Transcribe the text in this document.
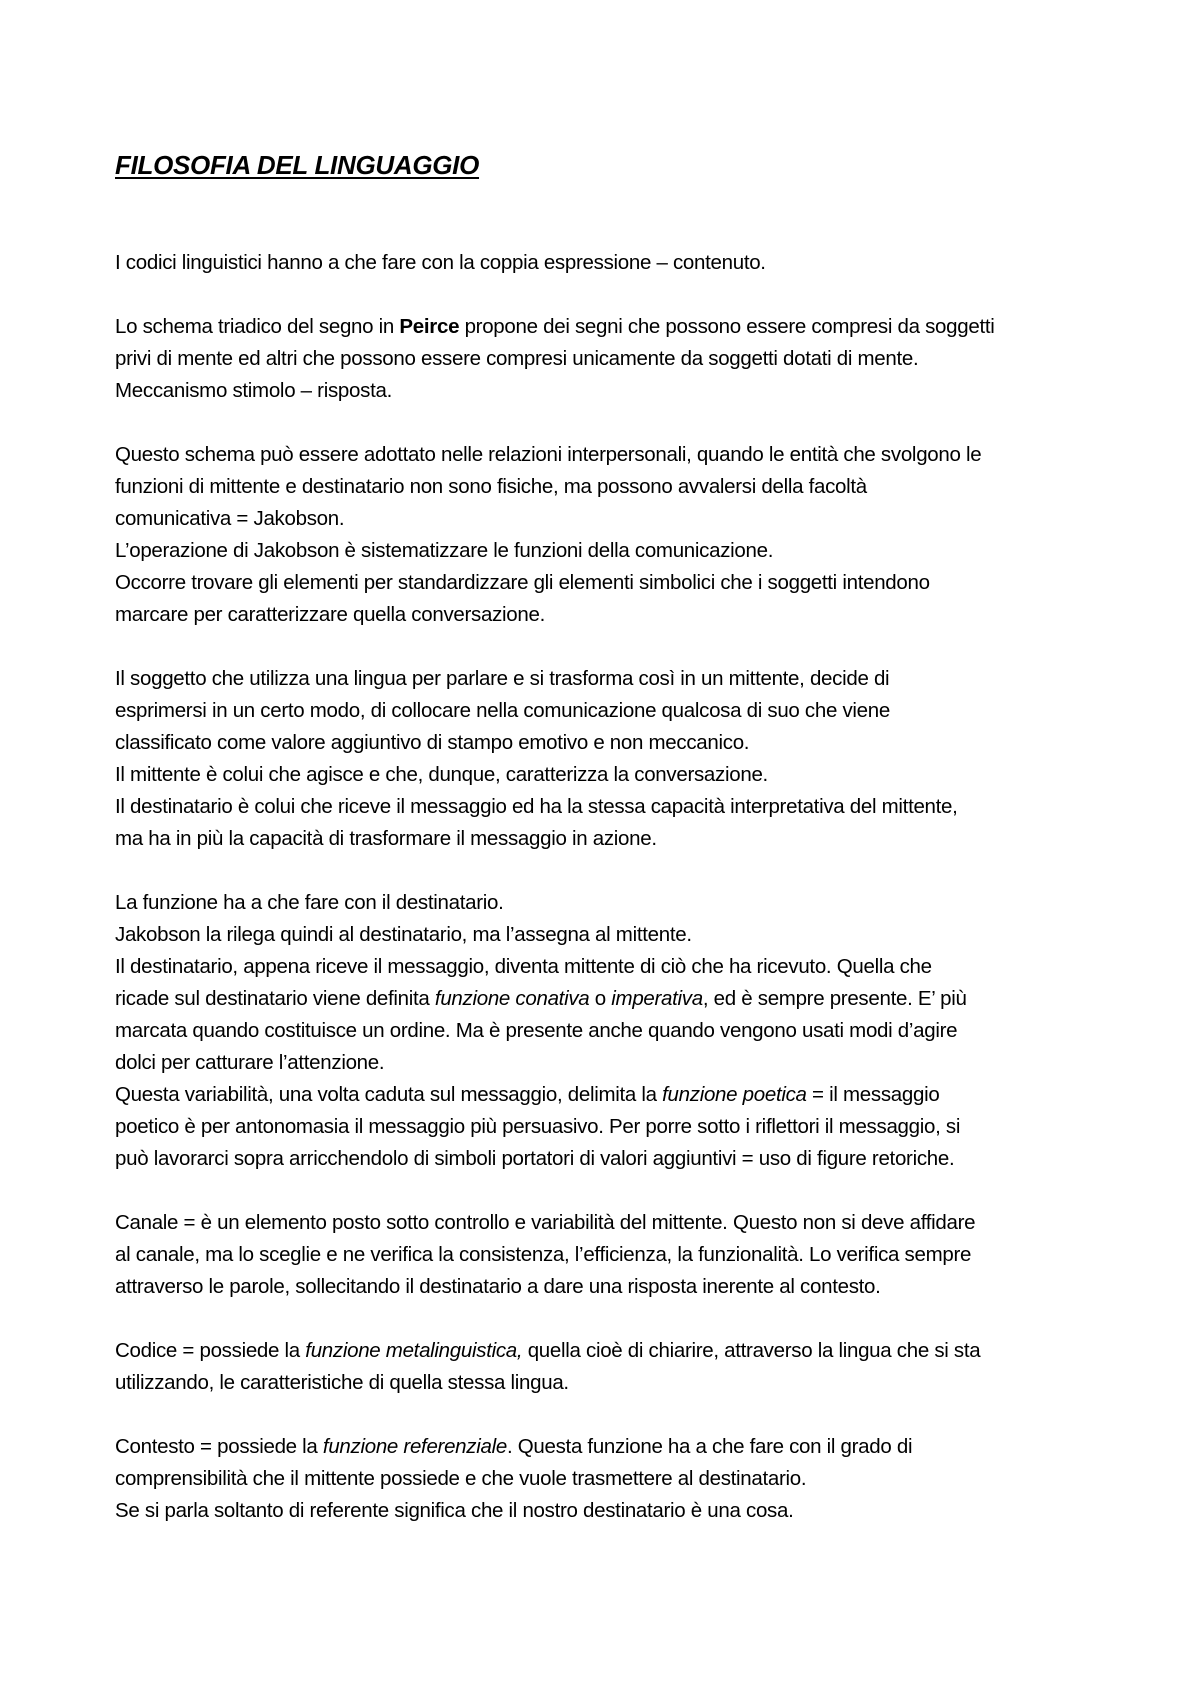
FILOSOFIA DEL LINGUAGGIO

I codici linguistici hanno a che fare con la coppia espressione – contenuto.

Lo schema triadico del segno in Peirce propone dei segni che possono essere compresi da soggetti
privi di mente ed altri che possono essere compresi unicamente da soggetti dotati di mente.
Meccanismo stimolo – risposta.

Questo schema può essere adottato nelle relazioni interpersonali, quando le entità che svolgono le
funzioni di mittente e destinatario non sono fisiche, ma possono avvalersi della facoltà
comunicativa = Jakobson.
L’operazione di Jakobson è sistematizzare le funzioni della comunicazione.
Occorre trovare gli elementi per standardizzare gli elementi simbolici che i soggetti intendono
marcare per caratterizzare quella conversazione.

Il soggetto che utilizza una lingua per parlare e si trasforma così in un mittente, decide di
esprimersi in un certo modo, di collocare nella comunicazione qualcosa di suo che viene
classificato come valore aggiuntivo di stampo emotivo e non meccanico.
Il mittente è colui che agisce e che, dunque, caratterizza la conversazione.
Il destinatario è colui che riceve il messaggio ed ha la stessa capacità interpretativa del mittente,
ma ha in più la capacità di trasformare il messaggio in azione.

La funzione ha a che fare con il destinatario.
Jakobson la rilega quindi al destinatario, ma l’assegna al mittente.
Il destinatario, appena riceve il messaggio, diventa mittente di ciò che ha ricevuto. Quella che
ricade sul destinatario viene definita funzione conativa o imperativa, ed è sempre presente. E’ più
marcata quando costituisce un ordine. Ma è presente anche quando vengono usati modi d’agire
dolci per catturare l’attenzione.
Questa variabilità, una volta caduta sul messaggio, delimita la funzione poetica = il messaggio
poetico è per antonomasia il messaggio più persuasivo. Per porre sotto i riflettori il messaggio, si
può lavorarci sopra arricchendolo di simboli portatori di valori aggiuntivi = uso di figure retoriche.

Canale = è un elemento posto sotto controllo e variabilità del mittente. Questo non si deve affidare
al canale, ma lo sceglie e ne verifica la consistenza, l’efficienza, la funzionalità. Lo verifica sempre
attraverso le parole, sollecitando il destinatario a dare una risposta inerente al contesto.

Codice = possiede la funzione metalinguistica, quella cioè di chiarire, attraverso la lingua che si sta
utilizzando, le caratteristiche di quella stessa lingua.

Contesto = possiede la funzione referenziale. Questa funzione ha a che fare con il grado di
comprensibilità che il mittente possiede e che vuole trasmettere al destinatario.
Se si parla soltanto di referente significa che il nostro destinatario è una cosa.
